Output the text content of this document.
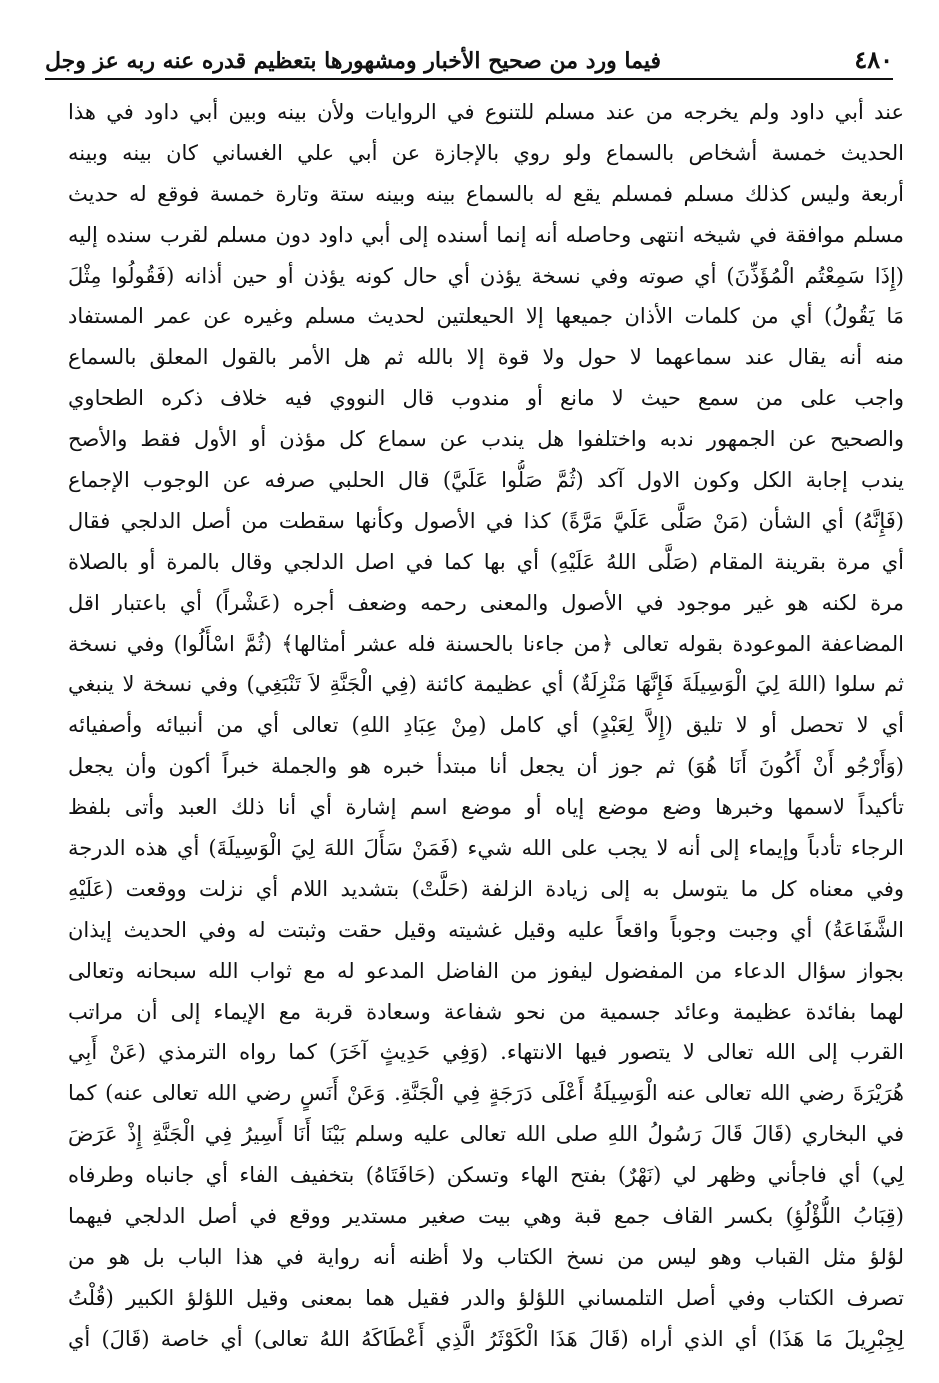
٤٨٠
فيما ورد من صحيح الأخبار ومشهورها بتعظيم قدره عنه ربه عز وجل
عند أبي داود ولم يخرجه من عند مسلم للتنوع في الروايات ولأن بينه وبين أبي داود في هذا
الحديث خمسة أشخاص بالسماع ولو روي بالإجازة عن أبي علي الغساني كان بينه وبينه
أربعة وليس كذلك مسلم فمسلم يقع له بالسماع بينه وبينه ستة وتارة خمسة فوقع له حديث
مسلم موافقة في شيخه انتهى وحاصله أنه إنما أسنده إلى أبي داود دون مسلم لقرب سنده إليه
(إِذَا سَمِعْتُم الْمُؤَذِّنَ) أي صوته وفي نسخة يؤذن أي حال كونه يؤذن أو حين أذانه (فَقُولُوا مِثْلَ
مَا يَقُولُ) أي من كلمات الأذان جميعها إلا الحيعلتين لحديث مسلم وغيره عن عمر المستفاد
منه أنه يقال عند سماعهما لا حول ولا قوة إلا بالله ثم هل الأمر بالقول المعلق بالسماع
واجب على من سمع حيث لا مانع أو مندوب قال النووي فيه خلاف ذكره الطحاوي
والصحيح عن الجمهور ندبه واختلفوا هل يندب عن سماع كل مؤذن أو الأول فقط والأصح
يندب إجابة الكل وكون الاول آكد (ثُمَّ صَلُّوا عَلَيَّ) قال الحلبي صرفه عن الوجوب الإجماع
(فَإِنَّهُ) أي الشأن (مَنْ صَلَّى عَلَيَّ مَرَّةً) كذا في الأصول وكأنها سقطت من أصل الدلجي فقال
أي مرة بقرينة المقام (صَلَّى اللهُ عَلَيْهِ) أي بها كما في اصل الدلجي وقال بالمرة أو بالصلاة
مرة لكنه هو غير موجود في الأصول والمعنى رحمه وضعف أجره (عَشْراً) أي باعتبار اقل
المضاعفة الموعودة بقوله تعالى ﴿من جاءنا بالحسنة فله عشر أمثالها﴾ (ثُمَّ اسْأَلُوا) وفي نسخة
ثم سلوا (اللهَ لِيَ الْوَسِيلَةَ فَإِنَّهَا مَنْزِلَةٌ) أي عظيمة كائنة (فِي الْجَنَّةِ لاَ تَنْبَغِي) وفي نسخة لا ينبغي
أي لا تحصل أو لا تليق (إِلاَّ لِعَبْدٍ) أي كامل (مِنْ عِبَادِ اللهِ) تعالى أي من أنبيائه وأصفيائه
(وَأَرْجُو أَنْ أَكُونَ أَنَا هُوَ) ثم جوز أن يجعل أنا مبتدأ خبره هو والجملة خبراً أكون وأن يجعل
تأكيداً لاسمها وخبرها وضع موضع إياه أو موضع اسم إشارة أي أنا ذلك العبد وأتى بلفظ
الرجاء تأدباً وإيماء إلى أنه لا يجب على الله شيء (فَمَنْ سَأَلَ اللهَ لِيَ الْوَسِيلَةَ) أي هذه الدرجة
وفي معناه كل ما يتوسل به إلى زيادة الزلفة (حَلَّتْ) بتشديد اللام أي نزلت ووقعت (عَلَيْهِ
الشَّفَاعَةُ) أي وجبت وجوباً واقعاً عليه وقيل غشيته وقيل حقت وثبتت له وفي الحديث إيذان
بجواز سؤال الدعاء من المفضول ليفوز من الفاضل المدعو له مع ثواب الله سبحانه وتعالى
لهما بفائدة عظيمة وعائد جسمية من نحو شفاعة وسعادة قربة مع الإيماء إلى أن مراتب
القرب إلى الله تعالى لا يتصور فيها الانتهاء. (وَفِي حَدِيثٍ آخَرَ) كما رواه الترمذي (عَنْ أَبِي
هُرَيْرَةَ رضي الله تعالى عنه الْوَسِيلَةُ أَعْلَى دَرَجَةٍ فِي الْجَنَّةِ. وَعَنْ أَنَسٍ رضي الله تعالى عنه) كما
في البخاري (قَالَ قَالَ رَسُولُ اللهِ صلى الله تعالى عليه وسلم بَيْنَا أَنَا أَسِيرُ فِي الْجَنَّةِ إِذْ عَرَضَ
لِي) أي فاجأني وظهر لي (نَهْرٌ) بفتح الهاء وتسكن (حَافَتَاهُ) بتخفيف الفاء أي جانباه وطرفاه
(قِبَابُ اللُّؤْلُؤِ) بكسر القاف جمع قبة وهي بيت صغير مستدير ووقع في أصل الدلجي فيهما
لؤلؤ مثل القباب وهو ليس من نسخ الكتاب ولا أظنه أنه رواية في هذا الباب بل هو من
تصرف الكتاب وفي أصل التلمساني اللؤلؤ والدر فقيل هما بمعنى وقيل اللؤلؤ الكبير (قُلْتُ
لِجِبْرِيلَ مَا هَذَا) أي الذي أراه (قَالَ هَذَا الْكَوْثَرُ الَّذِي أَعْطَاكَهُ اللهُ تعالى) أي خاصة (قَالَ) أي
